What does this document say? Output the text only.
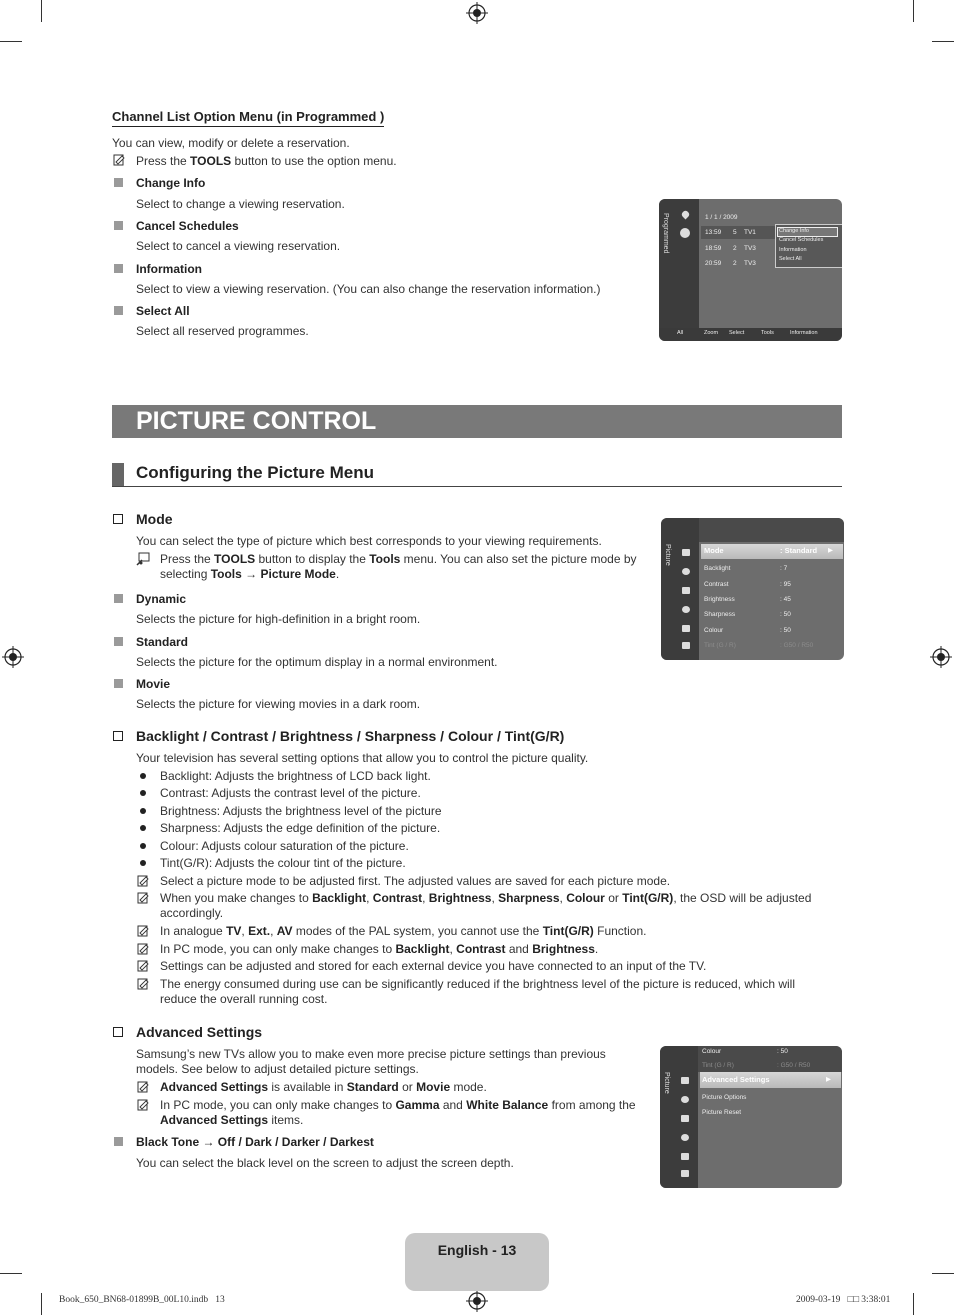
Channel List Option Menu (in Programmed )
You can view, modify or delete a reservation.
Press the TOOLS button to use the option menu.
Change Info
Select to change a viewing reservation.
Cancel Schedules
Select to cancel a viewing reservation.
Information
Select to view a viewing reservation. (You can also change the reservation information.)
Select All
Select all reserved programmes.
Programmed	1 / 1 / 2009
13:59 5 TV1
18:59 2 TV3
20:59 2 TV3
Change Info
Cancel Schedules
Information
Select All
All	Zoom Select	Tools	Information
PICTURE CONTROL
Configuring the Picture Menu
Mode
You can select the type of picture which best corresponds to your viewing requirements.
Press the TOOLS button to display the Tools menu. You can also set the picture mode by
selecting Tools → Picture Mode.
Dynamic
Selects the picture for high-definition in a bright room.
Standard
Selects the picture for the optimum display in a normal environment.
Movie
Selects the picture for viewing movies in a dark room.
Picture	Mode	: Standard ▶
Backlight	: 7
Contrast	: 95
Brightness	: 45
Sharpness	: 50
Colour	: 50
Tint (G / R)	: G50 / R50
Backlight / Contrast / Brightness / Sharpness / Colour / Tint(G/R)
Your television has several setting options that allow you to control the picture quality.
Backlight: Adjusts the brightness of LCD back light.
Contrast: Adjusts the contrast level of the picture.
Brightness: Adjusts the brightness level of the picture
Sharpness: Adjusts the edge definition of the picture.
Colour: Adjusts colour saturation of the picture.
Tint(G/R): Adjusts the colour tint of the picture.
Select a picture mode to be adjusted first. The adjusted values are saved for each picture mode.
When you make changes to Backlight, Contrast, Brightness, Sharpness, Colour or Tint(G/R), the OSD will be adjusted
accordingly.
In analogue TV, Ext., AV modes of the PAL system, you cannot use the Tint(G/R) Function.
In PC mode, you can only make changes to Backlight, Contrast and Brightness.
Settings can be adjusted and stored for each external device you have connected to an input of the TV.
The energy consumed during use can be significantly reduced if the brightness level of the picture is reduced, which will
reduce the overall running cost.
Advanced Settings
Samsung’s new TVs allow you to make even more precise picture settings than previous
models. See below to adjust detailed picture settings.
Advanced Settings is available in Standard or Movie mode.
In PC mode, you can only make changes to Gamma and White Balance from among the
Advanced Settings items.
Black Tone → Off / Dark / Darker / Darkest
You can select the black level on the screen to adjust the screen depth.
Picture
Colour	: 50
Tint (G / R)	: G50 / R50
Advanced Settings	▶
Picture Options
Picture Reset
English - 13
Book_650_BN68-01899B_00L10.indb   13	2009-03-19   □□ 3:38:01
